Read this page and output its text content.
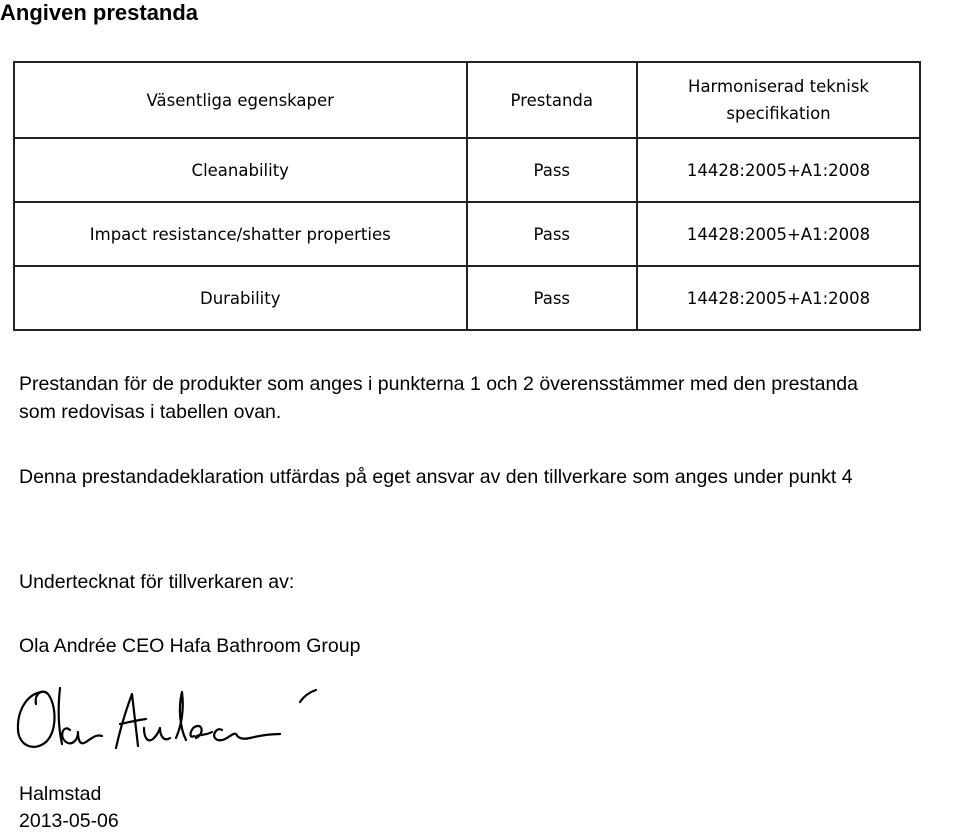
Angiven prestanda
Väsentliga egenskaper	Prestanda	Harmoniserad teknisk specifikation

Cleanability	Pass	14428:2005+A1:2008
Impact resistance/shatter properties	Pass	14428:2005+A1:2008
Durability	Pass	14428:2005+A1:2008
Prestandan för de produkter som anges i punkterna 1 och 2 överensstämmer med den prestanda
som redovisas i tabellen ovan.
Denna prestandadeklaration utfärdas på eget ansvar av den tillverkare som anges under punkt 4
Undertecknat för tillverkaren av:
Ola Andrée CEO Hafa Bathroom Group
Halmstad
2013-05-06
